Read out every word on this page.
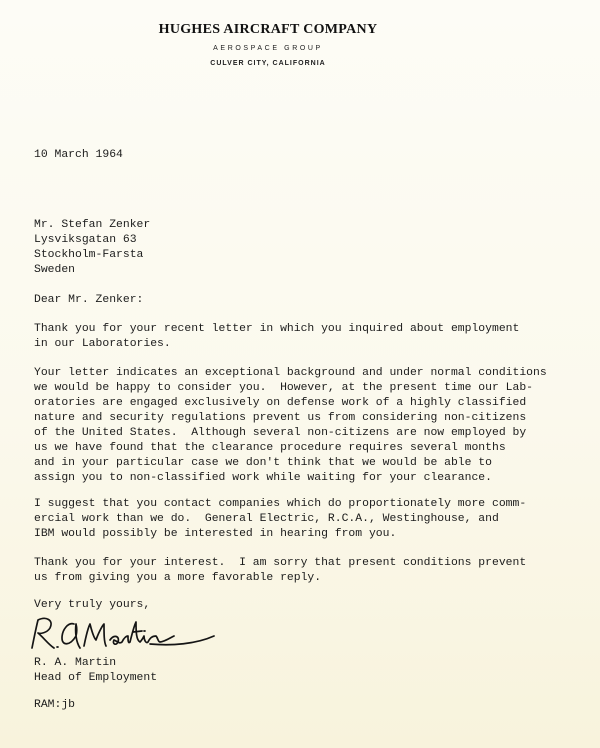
HUGHES AIRCRAFT COMPANY
AEROSPACE GROUP
CULVER CITY, CALIFORNIA

10 March 1964

Mr. Stefan Zenker

Lysviksgatan 63

Stockholm-Farsta

Sweden

Dear Mr. Zenker:

Thank you for your recent letter in which you inquired about employment

in our Laboratories.

Your letter indicates an exceptional background and under normal conditions

we would be happy to consider you.  However, at the present time our Lab-

oratories are engaged exclusively on defense work of a highly classified

nature and security regulations prevent us from considering non-citizens

of the United States.  Although several non-citizens are now employed by

us we have found that the clearance procedure requires several months

and in your particular case we don't think that we would be able to

assign you to non-classified work while waiting for your clearance.

I suggest that you contact companies which do proportionately more comm-

ercial work than we do.  General Electric, R.C.A., Westinghouse, and

IBM would possibly be interested in hearing from you.

Thank you for your interest.  I am sorry that present conditions prevent

us from giving you a more favorable reply.

Very truly yours,

R. A. Martin

Head of Employment

RAM:jb
